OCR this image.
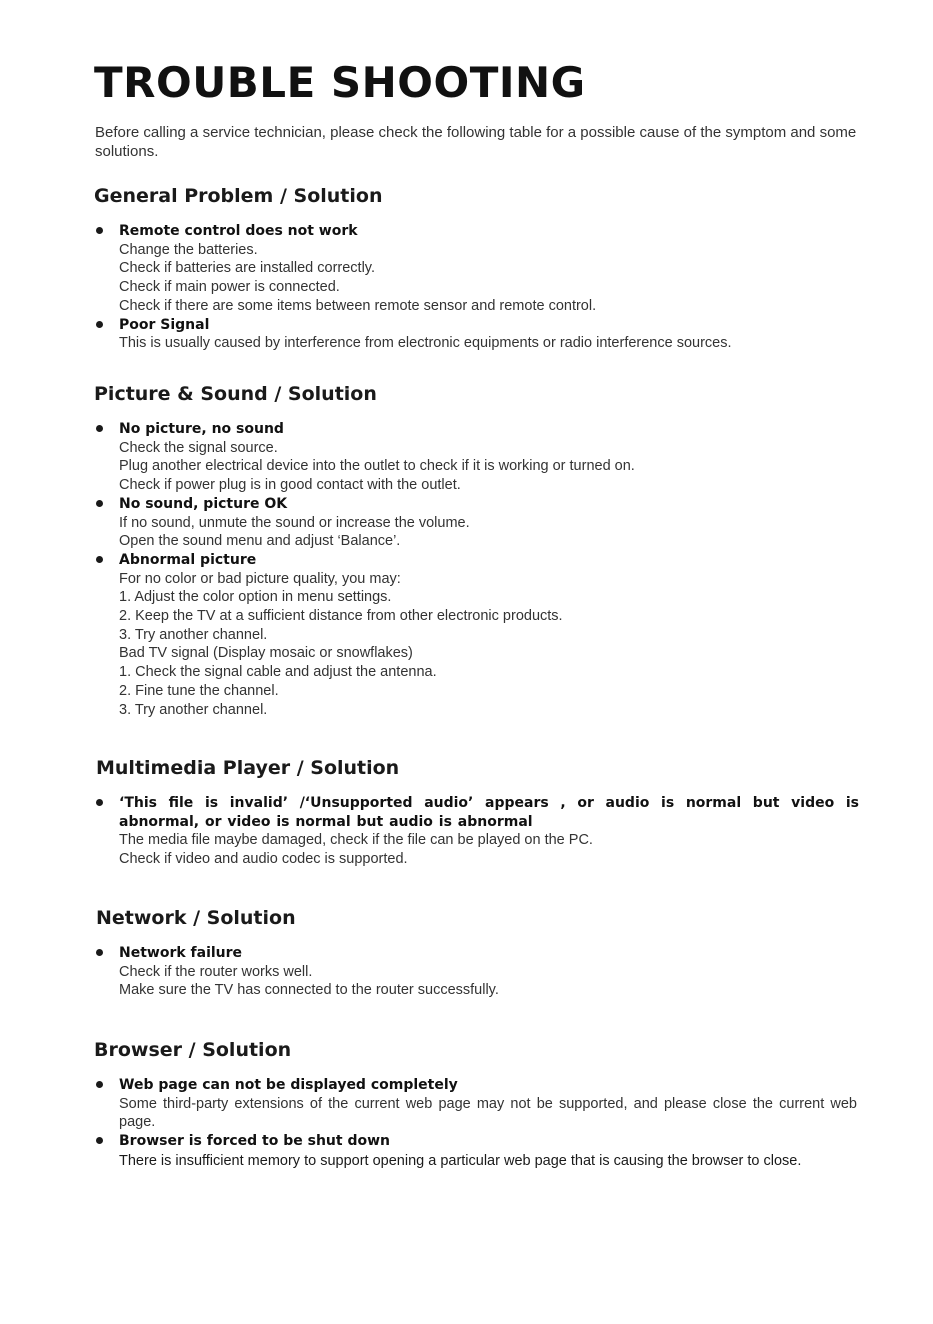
TROUBLE SHOOTING

Before calling a service technician, please check the following table for a possible cause of the symptom and some solutions.

General Problem / Solution
Remote control does not work
Change the batteries.
Check if batteries are installed correctly.
Check if main power is connected.
Check if there are some items between remote sensor and remote control.
Poor Signal
This is usually caused by interference from electronic equipments or radio interference sources.
Picture & Sound / Solution
No picture, no sound
Check the signal source.
Plug another electrical device into the outlet to check if it is working or turned on.
Check if power plug is in good contact with the outlet.
No sound, picture OK
If no sound, unmute the sound or increase the volume.
Open the sound menu and adjust ‘Balance’.
Abnormal picture
For no color or bad picture quality, you may:
1. Adjust the color option in menu settings.
2. Keep the TV at a sufficient distance from other electronic products.
3. Try another channel.
Bad TV signal (Display mosaic or snowflakes)
1. Check the signal cable and adjust the antenna.
2. Fine tune the channel.
3. Try another channel.
Multimedia Player / Solution
‘This file is invalid’ /‘Unsupported audio’ appears , or audio is normal but video is abnormal, or video is normal but audio is abnormal
The media file maybe damaged, check if the file can be played on the PC.
Check if video and audio codec is supported.
Network / Solution
Network failure
Check if the router works well.
Make sure the TV has connected to the router successfully.
Browser / Solution
Web page can not be displayed completely
Some third-party extensions of the current web page may not be supported, and please close the current web page.
Browser is forced to be shut down
There is insufficient memory to support opening a particular web page that is causing the browser to close.
